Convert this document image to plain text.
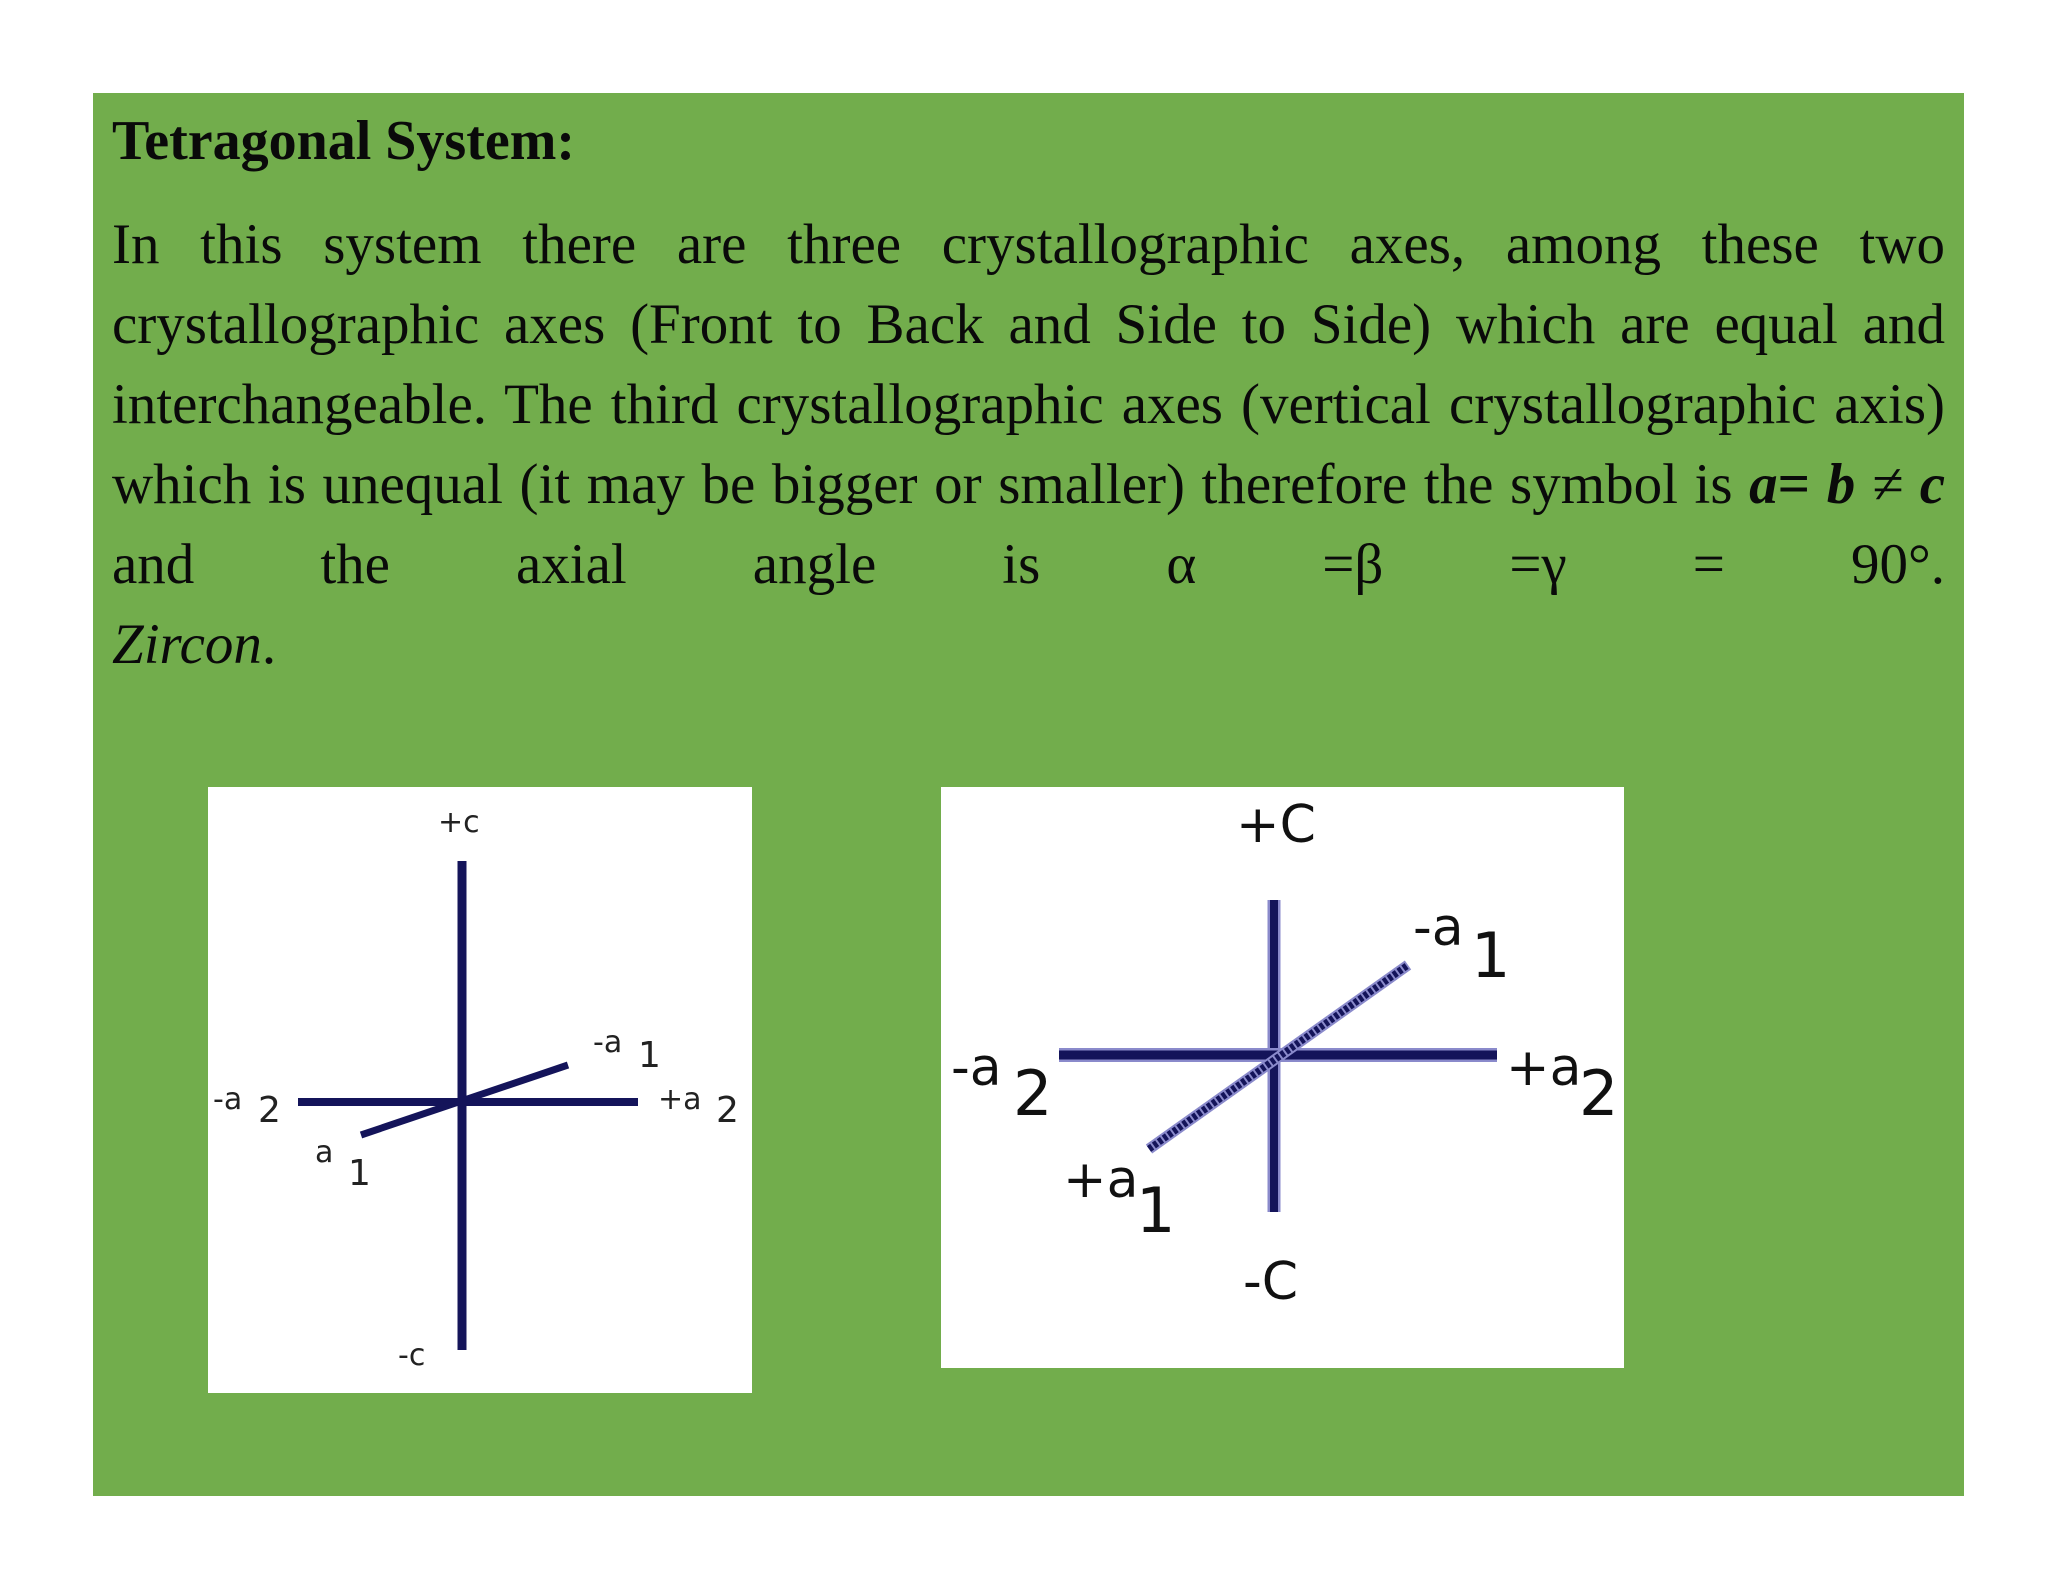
Tetragonal System:

In this system there are three crystallographic axes, among these two crystallographic axes (Front to Back and Side to Side) which are equal and interchangeable. The third crystallographic axes (vertical crystallographic axis) which is unequal (it may be bigger or smaller) therefore the symbol is a= b ≠ c and the axial angle is α =β =γ = 90°.

Zircon.

+c
-c
-a 2	+a 2
-a 1
a
1
+C
-C
-a 2	+a
2
-a 1
+a
1
